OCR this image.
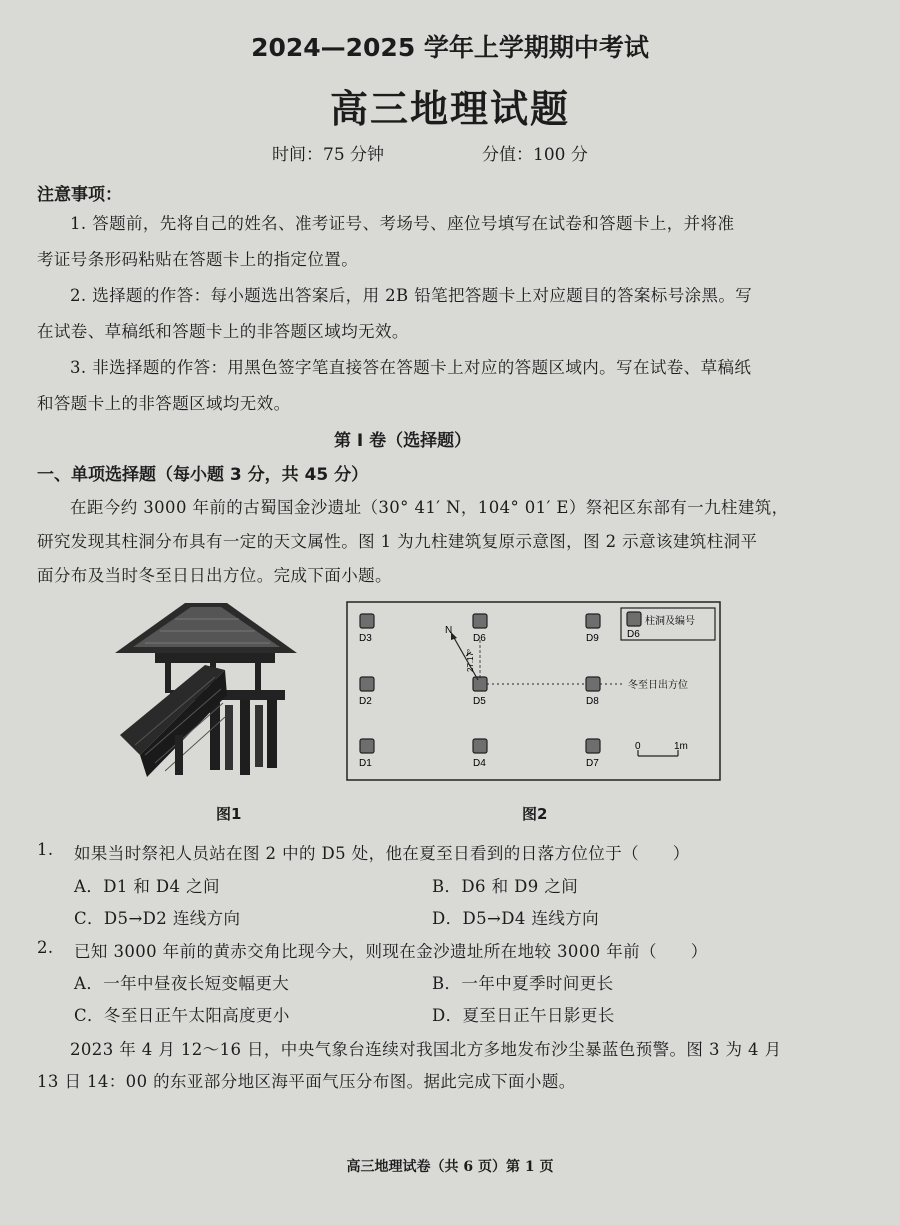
2024—2025 学年上学期期中考试
高三地理试题
时间：75 分钟	分值：100 分
注意事项：
1. 答题前，先将自己的姓名、准考证号、考场号、座位号填写在试卷和答题卡上，并将准
考证号条形码粘贴在答题卡上的指定位置。
2. 选择题的作答：每小题选出答案后，用 2B 铅笔把答题卡上对应题目的答案标号涂黑。写
在试卷、草稿纸和答题卡上的非答题区域均无效。
3. 非选择题的作答：用黑色签字笔直接答在答题卡上对应的答题区域内。写在试卷、草稿纸
和答题卡上的非答题区域均无效。
第 Ⅰ 卷（选择题）
一、单项选择题（每小题 3 分，共 45 分）
在距今约 3000 年前的古蜀国金沙遗址（30° 41′ N，104° 01′ E）祭祀区东部有一九柱建筑，
研究发现其柱洞分布具有一定的天文属性。图 1 为九柱建筑复原示意图，图 2 示意该建筑柱洞平
面分布及当时冬至日日出方位。完成下面小题。
图1
D3	D6	D9
D2	D5	D8
D1	D4	D7
N
27.17°
冬至日出方位
柱洞及编号
D6
0	1m
图2
1. 如果当时祭祀人员站在图 2 中的 D5 处，他在夏至日看到的日落方位位于（　　）
A．D1 和 D4 之间	B．D6 和 D9 之间
C．D5→D2 连线方向	D．D5→D4 连线方向
2. 已知 3000 年前的黄赤交角比现今大，则现在金沙遗址所在地较 3000 年前（　　）
A．一年中昼夜长短变幅更大	B．一年中夏季时间更长
C．冬至日正午太阳高度更小	D．夏至日正午日影更长
2023 年 4 月 12～16 日，中央气象台连续对我国北方多地发布沙尘暴蓝色预警。图 3 为 4 月
13 日 14：00 的东亚部分地区海平面气压分布图。据此完成下面小题。
高三地理试卷（共 6 页）第 1 页
